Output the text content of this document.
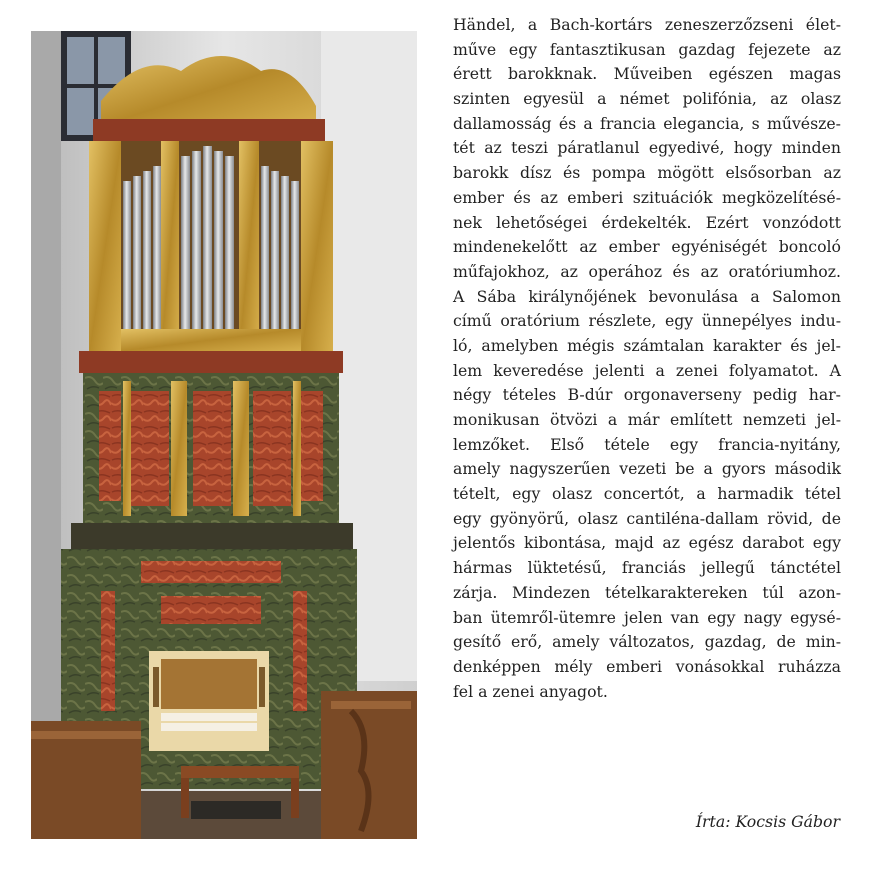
Händel, a Bach-kortárs zeneszerzőzseni élet-
műve egy fantasztikusan gazdag fejezete az
érett barokknak. Műveiben egészen magas
szinten egyesül a német polifónia, az olasz
dallamosság és a francia elegancia, s művésze-
tét az teszi páratlanul egyedivé, hogy minden
barokk dísz és pompa mögött elsősorban az
ember és az emberi szituációk megközelítésé-
nek lehetőségei érdekelték. Ezért vonzódott
mindenekelőtt az ember egyéniségét boncoló
műfajokhoz, az operához és az oratóriumhoz.
A Sába királynőjének bevonulása a Salomon
című oratórium részlete, egy ünnepélyes indu-
ló, amelyben mégis számtalan karakter és jel-
lem keveredése jelenti a zenei folyamatot. A
négy tételes B-dúr orgonaverseny pedig har-
monikusan ötvözi a már említett nemzeti jel-
lemzőket. Első tétele egy francia-nyitány,
amely nagyszerűen vezeti be a gyors második
tételt, egy olasz concertót, a harmadik tétel
egy gyönyörű, olasz cantiléna-dallam rövid, de
jelentős kibontása, majd az egész darabot egy
hármas lüktetésű, franciás jellegű tánctétel
zárja. Mindezen tételkaraktereken túl azon-
ban ütemről-ütemre jelen van egy nagy egysé-
gesítő erő, amely változatos, gazdag, de min-
denképpen mély emberi vonásokkal ruházza
fel a zenei anyagot.
Írta: Kocsis Gábor
